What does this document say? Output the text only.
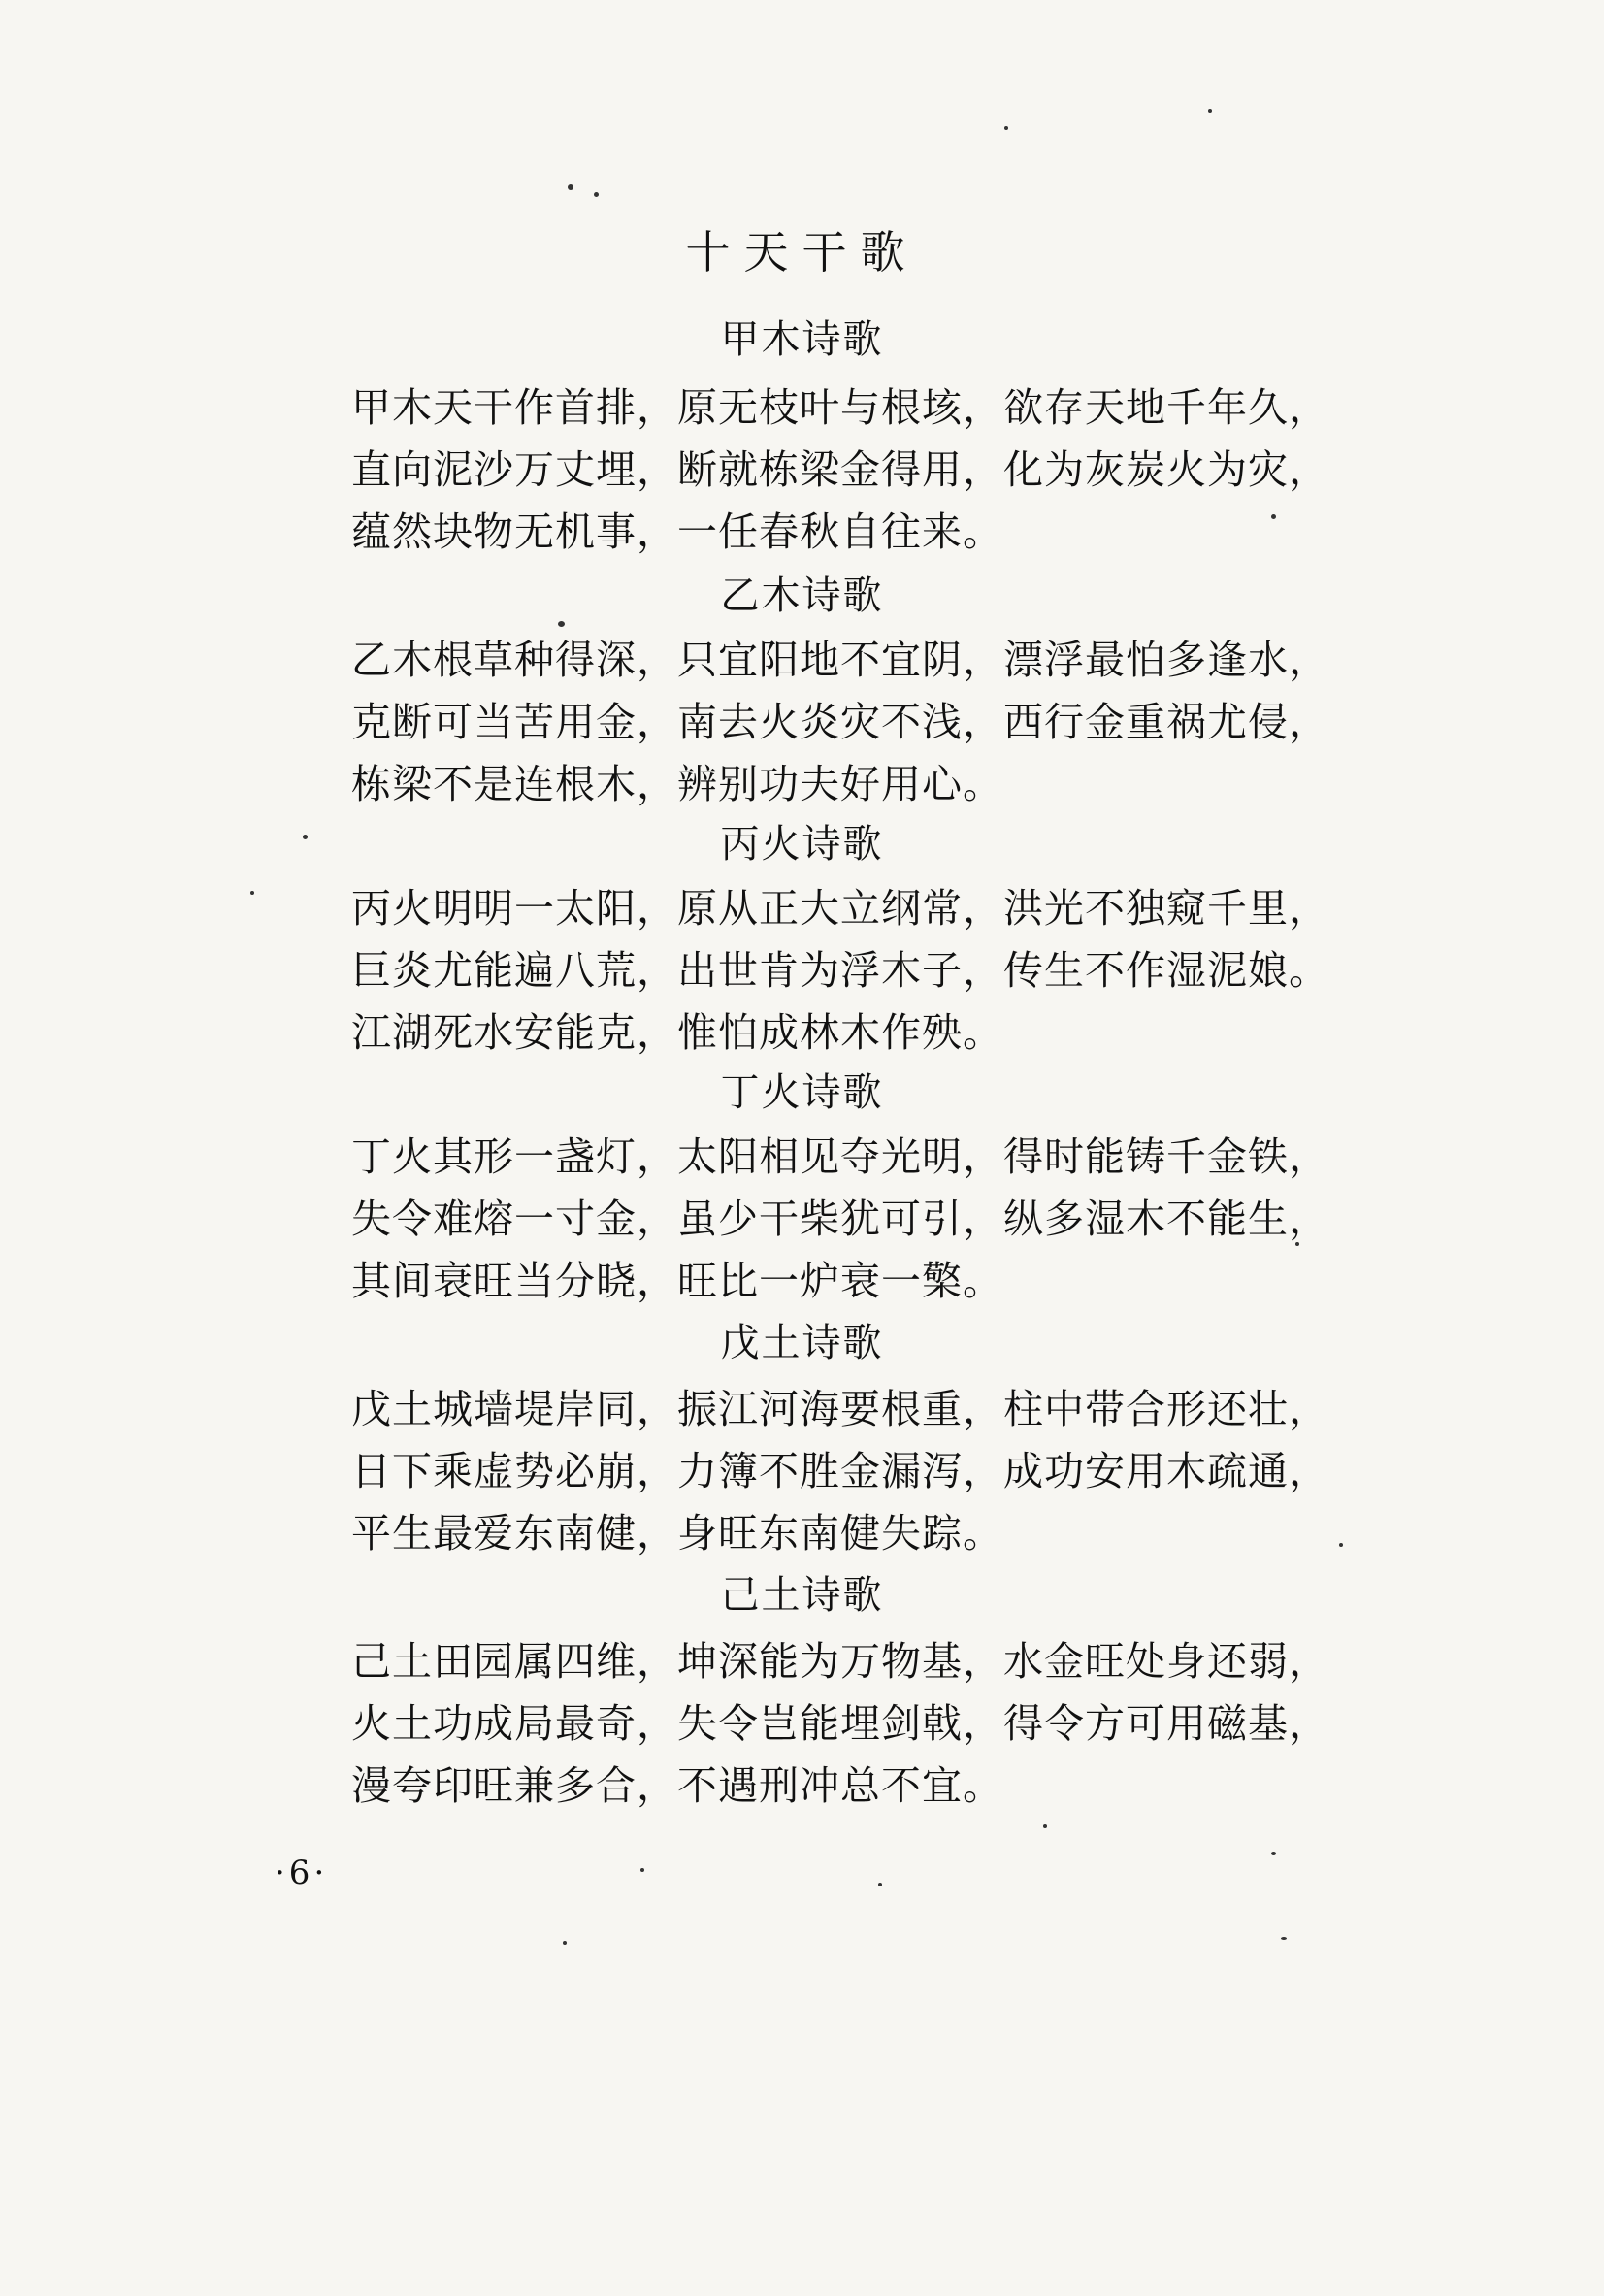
十天干歌
甲木诗歌

甲木天干作首排，原无枝叶与根垓，欲存天地千年久，

直向泥沙万丈埋，断就栋梁金得用，化为灰炭火为灾，

蕴然块物无机事，一任春秋自往来。

乙木诗歌

乙木根草种得深，只宜阳地不宜阴，漂浮最怕多逢水，

克断可当苦用金，南去火炎灾不浅，西行金重祸尤侵，

栋梁不是连根木，辨别功夫好用心。

丙火诗歌

丙火明明一太阳，原从正大立纲常，洪光不独窥千里，

巨炎尤能遍八荒，出世肯为浮木子，传生不作湿泥娘。

江湖死水安能克，惟怕成林木作殃。

丁火诗歌

丁火其形一盏灯，太阳相见夺光明，得时能铸千金铁，

失令难熔一寸金，虽少干柴犹可引，纵多湿木不能生，

其间衰旺当分晓，旺比一炉衰一檠。

戊土诗歌

戊土城墙堤岸同，振江河海要根重，柱中带合形还壮，

日下乘虚势必崩，力簿不胜金漏泻，成功安用木疏通，

平生最爱东南健，身旺东南健失踪。

己土诗歌

己土田园属四维，坤深能为万物基，水金旺处身还弱，

火土功成局最奇，失令岂能埋剑戟，得令方可用磁基，

漫夸印旺兼多合，不遇刑冲总不宜。

·6·
